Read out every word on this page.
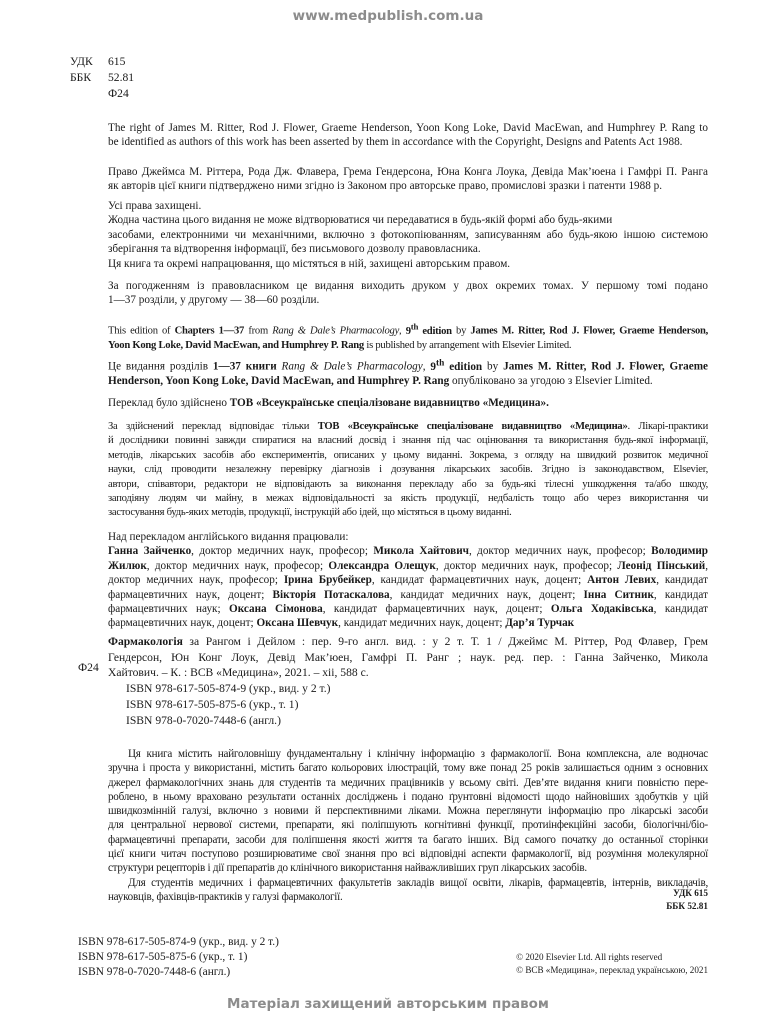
www.medpublish.com.ua
УДК 615
ББК 52.81
Ф24

The right of James M. Ritter, Rod J. Flower, Graeme Henderson, Yoon Kong Loke, David MacEwan, and Humphrey P. Rang to

be identified as authors of this work has been asserted by them in accordance with the Copyright, Designs and Patents Act 1988.

Право Джеймса М. Ріттера, Рода Дж. Флавера, Грема Гендерсона, Юна Конга Лоука, Девіда Мак’юена і Гамфрі П. Ранга

як авторів цієї книги підтверджено ними згідно із Законом про авторське право, промислові зразки і патенти 1988 р.

Усі права захищені.

Жодна частина цього видання не може відтворюватися чи передаватися в будь-якій формі або будь-якими

засобами, електронними чи механічними, включно з фотокопіюванням, записуванням або будь-якою іншою системою

зберігання та відтворення інформації, без письмового дозволу правовласника.

Ця книга та окремі напрацювання, що містяться в ній, захищені авторським правом.

За погодженням із правовласником це видання виходить друком у двох окремих томах. У першому томі подано

1—37 розділи, у другому — 38—60 розділи.

This edition of Chapters 1—37 from Rang & Dale’s Pharmacology, 9th edition by James M. Ritter, Rod J. Flower, Graeme Henderson,

Yoon Kong Loke, David MacEwan, and Humphrey P. Rang is published by arrangement with Elsevier Limited.

Це видання розділів 1—37 книги Rang & Dale’s Pharmacology, 9th edition by James M. Ritter, Rod J. Flower, Graeme

Henderson, Yoon Kong Loke, David MacEwan, and Humphrey P. Rang опубліковано за угодою з Elsevier Limited.

Переклад було здійснено ТОВ «Всеукраїнське спеціалізоване видавництво «Медицина».

За здійснений переклад відповідає тільки ТОВ «Всеукраїнське спеціалізоване видавництво «Медицина». Лікарі-практики

й дослідники повинні завжди спиратися на власний досвід і знання під час оцінювання та використання будь-якої інформації,

методів, лікарських засобів або експериментів, описаних у цьому виданні. Зокрема, з огляду на швидкий розвиток медичної

науки, слід проводити незалежну перевірку діагнозів і дозування лікарських засобів. Згідно із законодавством, Elsevier,

автори, співавтори, редактори не відповідають за виконання перекладу або за будь-які тілесні ушкодження та/або шкоду,

заподіяну людям чи майну, в межах відповідальності за якість продукції, недбалість тощо або через використання чи

застосування будь-яких методів, продукції, інструкцій або ідей, що містяться в цьому виданні.

Над перекладом англійського видання працювали:

Ганна Зайченко, доктор медичних наук, професор; Микола Хайтович, доктор медичних наук, професор; Володимир Жилюк, доктор медичних наук, професор; Олександра Олещук, доктор медичних наук, професор; Леонід Пінський, доктор медичних наук, професор; Ірина Брубейкер, кандидат фармацевтичних наук, доцент; Антон Левих, кандидат фармацевтичних наук, доцент; Вікторія Потаскалова, кандидат медичних наук, доцент; Інна Ситник, кандидат фармацевтичних наук; Оксана Сімонова, кандидат фармацевтичних наук, доцент; Ольга Ходаківська, кандидат фармацевтичних наук, доцент; Оксана Шевчук, кандидат медичних наук, доцент; Дар’я Турчак

Ф24

Фармакологія за Рангом і Дейлом : пер. 9-го англ. вид. : у 2 т. Т. 1 / Джеймс М. Ріттер, Род Флавер, Грем

Гендерсон, Юн Конг Лоук, Девід Мак’юен, Гамфрі П. Ранг ; наук. ред. пер. : Ганна Зайченко, Микола

Хайтович. – К. : ВСВ «Медицина», 2021. – xii, 588 с.

ISBN 978-617-505-874-9 (укр., вид. у 2 т.)

ISBN 978-617-505-875-6 (укр., т. 1)

ISBN 978-0-7020-7448-6 (англ.)

Ця книга містить найголовнішу фундаментальну і клінічну інформацію з фармакології. Вона комплексна, але водночас

зручна і проста у використанні, містить багато кольорових ілюстрацій, тому вже понад 25 років залишається одним з основних

джерел фармакологічних знань для студентів та медичних працівників у всьому світі. Дев’яте видання книги повністю пере-

роблено, в ньому враховано результати останніх досліджень і подано ґрунтовні відомості щодо найновіших здобутків у цій

швидкозмінній галузі, включно з новими й перспективними ліками. Можна переглянути інформацію про лікарські засоби

для центральної нервової системи, препарати, які поліпшують когнітивні функції, протиінфекційні засоби, біологічні/біо-

фармацевтичні препарати, засоби для поліпшення якості життя та багато інших. Від самого початку до останньої сторінки

цієї книги читач поступово розширюватиме свої знання про всі відповідні аспекти фармакології, від розуміння молекулярної

структури рецепторів і дії препаратів до клінічного використання найважливіших груп лікарських засобів.

Для студентів медичних і фармацевтичних факультетів закладів вищої освіти, лікарів, фармацевтів, інтернів, викладачів,

науковців, фахівців-практиків у галузі фармакології.	УДК 615
ББК 52.81
ISBN 978-617-505-874-9 (укр., вид. у 2 т.)
ISBN 978-617-505-875-6 (укр., т. 1)
ISBN 978-0-7020-7448-6 (англ.)
© 2020 Elsevier Ltd. All rights reserved
© ВСВ «Медицина», переклад українською, 2021
Матеріал захищений авторським правом
